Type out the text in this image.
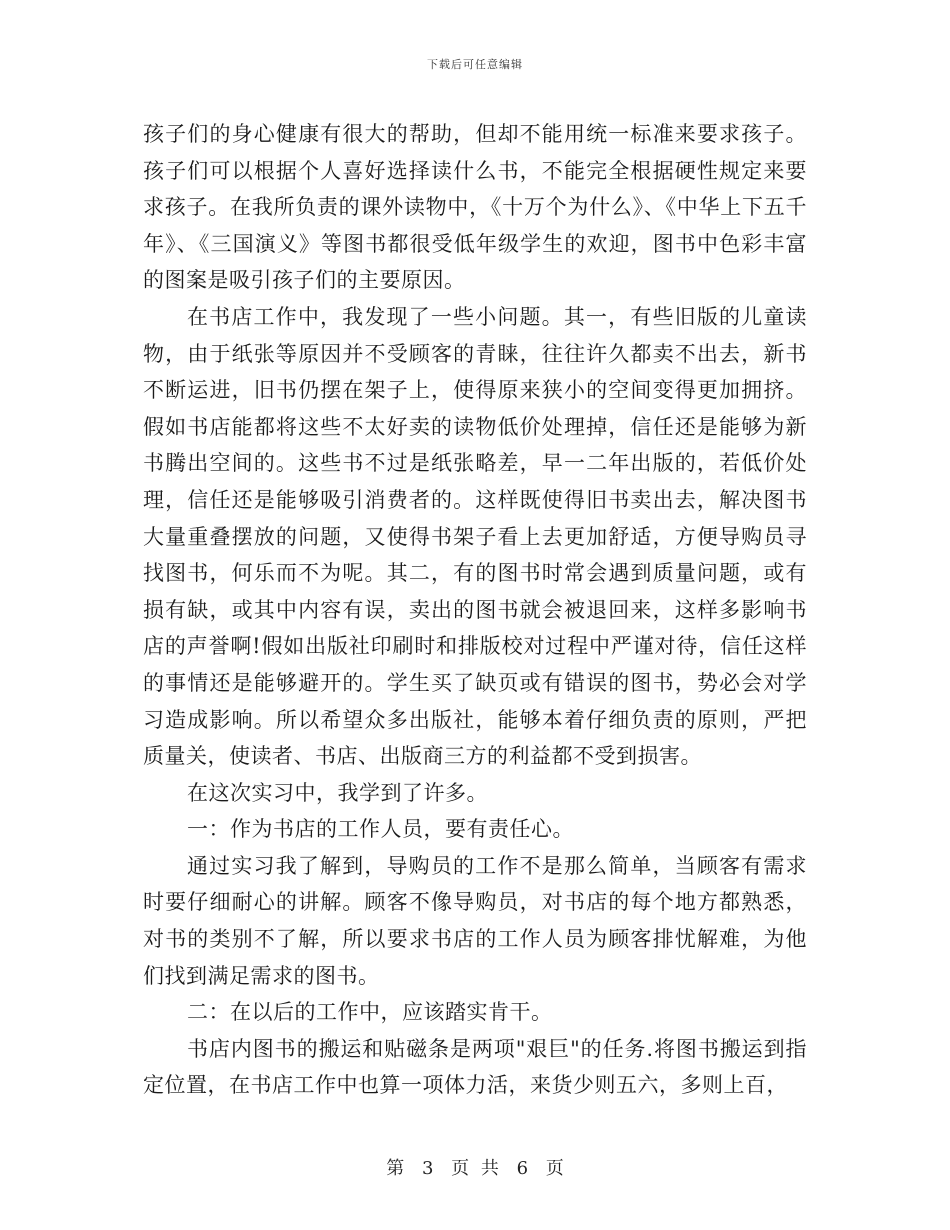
下载后可任意编辑

孩子们的身心健康有很大的帮助，但却不能用统一标准来要求孩子。孩子们可以根据个人喜好选择读什么书，不能完全根据硬性规定来要求孩子。在我所负责的课外读物中，《十万个为什么》、《中华上下五千年》、《三国演义》等图书都很受低年级学生的欢迎，图书中色彩丰富的图案是吸引孩子们的主要原因。

在书店工作中，我发现了一些小问题。其一，有些旧版的儿童读物，由于纸张等原因并不受顾客的青睐，往往许久都卖不出去，新书不断运进，旧书仍摆在架子上，使得原来狭小的空间变得更加拥挤。假如书店能都将这些不太好卖的读物低价处理掉，信任还是能够为新书腾出空间的。这些书不过是纸张略差，早一二年出版的，若低价处理，信任还是能够吸引消费者的。这样既使得旧书卖出去，解决图书大量重叠摆放的问题，又使得书架子看上去更加舒适，方便导购员寻找图书，何乐而不为呢。其二，有的图书时常会遇到质量问题，或有损有缺，或其中内容有误，卖出的图书就会被退回来，这样多影响书店的声誉啊!假如出版社印刷时和排版校对过程中严谨对待，信任这样的事情还是能够避开的。学生买了缺页或有错误的图书，势必会对学习造成影响。所以希望众多出版社，能够本着仔细负责的原则，严把质量关，使读者、书店、出版商三方的利益都不受到损害。

在这次实习中，我学到了许多。

一：作为书店的工作人员，要有责任心。

通过实习我了解到，导购员的工作不是那么简单，当顾客有需求时要仔细耐心的讲解。顾客不像导购员，对书店的每个地方都熟悉，对书的类别不了解，所以要求书店的工作人员为顾客排忧解难，为他们找到满足需求的图书。

二：在以后的工作中，应该踏实肯干。

书店内图书的搬运和贴磁条是两项"艰巨"的任务.将图书搬运到指定位置，在书店工作中也算一项体力活，来货少则五六，多则上百，

第 3 页 共 6 页
